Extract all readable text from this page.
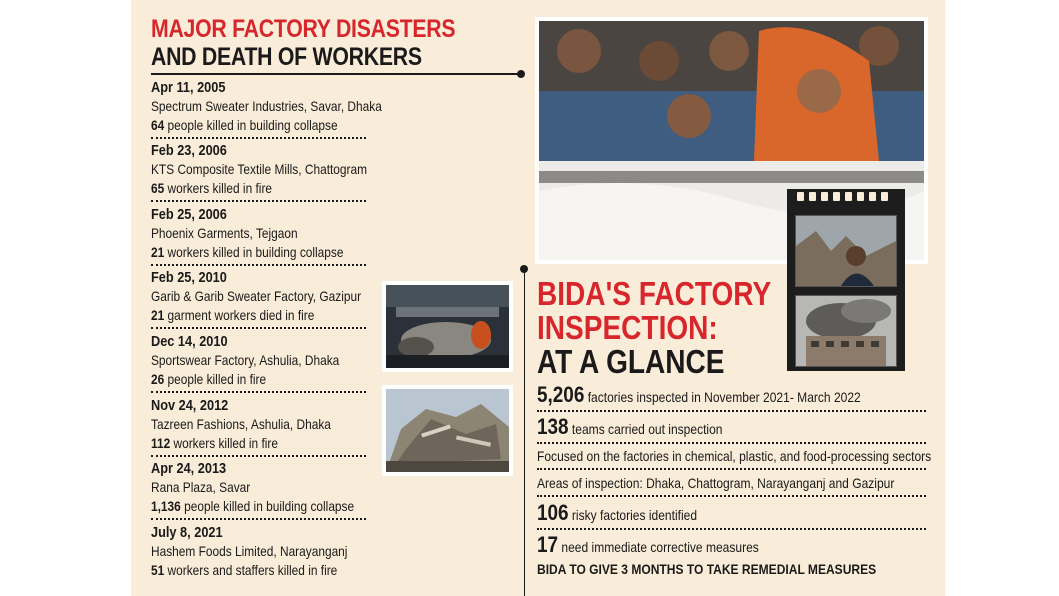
MAJOR FACTORY DISASTERS
AND DEATH OF WORKERS
Apr 11, 2005
Spectrum Sweater Industries, Savar, Dhaka
64 people killed in building collapse
Feb 23, 2006
KTS Composite Textile Mills, Chattogram
65 workers killed in fire
Feb 25, 2006
Phoenix Garments, Tejgaon
21 workers killed in building collapse
Feb 25, 2010
Garib & Garib Sweater Factory, Gazipur
21 garment workers died in fire
Dec 14, 2010
Sportswear Factory, Ashulia, Dhaka
26 people killed in fire
Nov 24, 2012
Tazreen Fashions, Ashulia, Dhaka
112 workers killed in fire
Apr 24, 2013
Rana Plaza, Savar
1,136 people killed in building collapse
July 8, 2021
Hashem Foods Limited, Narayanganj
51 workers and staffers killed in fire
BIDA'S FACTORY
INSPECTION:
AT A GLANCE
5,206 factories inspected in November 2021- March 2022
138 teams carried out inspection
Focused on the factories in chemical, plastic, and food-processing sectors
Areas of inspection: Dhaka, Chattogram, Narayanganj and Gazipur
106 risky factories identified
17 need immediate corrective measures
BIDA TO GIVE 3 MONTHS TO TAKE REMEDIAL MEASURES
